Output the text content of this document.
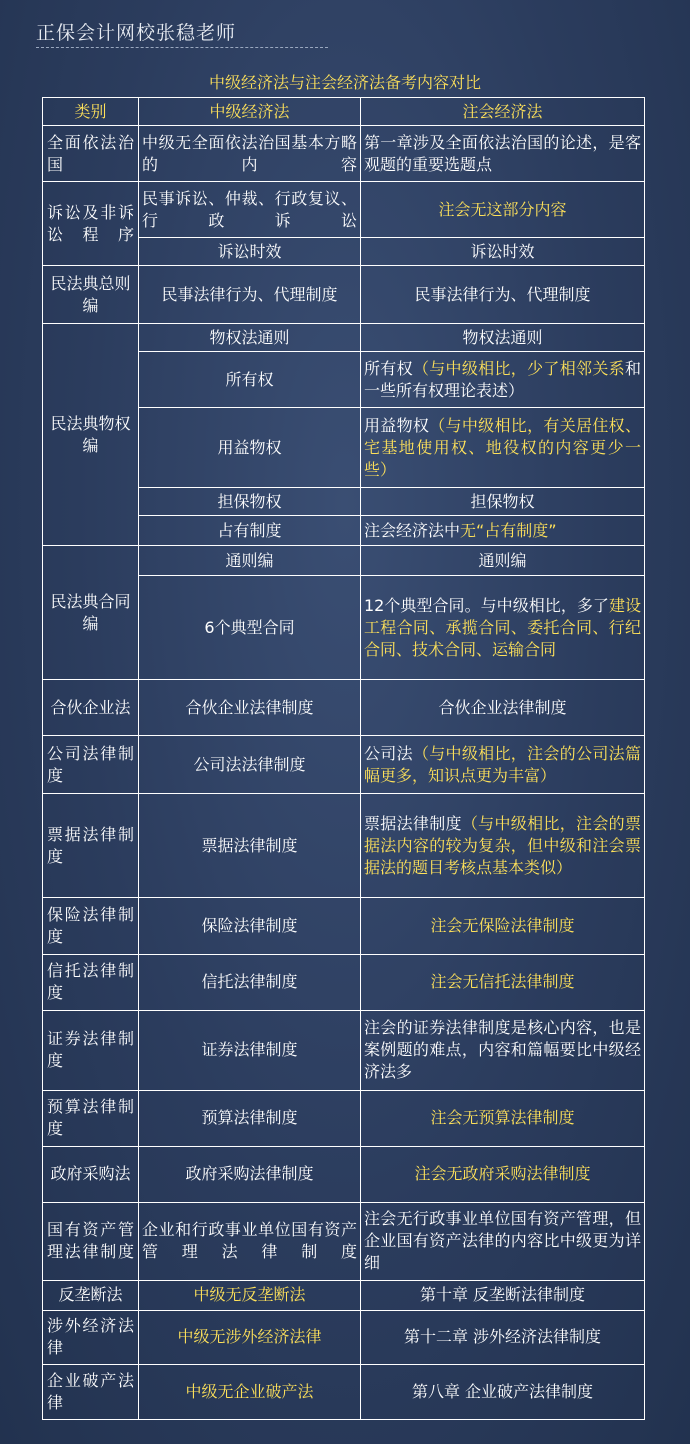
正保会计网校张稳老师
中级经济法与注会经济法备考内容对比
类别	中级经济法	注会经济法
全面依法治国	中级无全面依法治国基本方略的内容	第一章涉及全面依法治国的论述，是客观题的重要选题点
诉讼及非诉讼程序	民事诉讼、仲裁、行政复议、行政诉讼	注会无这部分内容
	诉讼时效	诉讼时效
民法典总则编	民事法律行为、代理制度	民事法律行为、代理制度
民法典物权编	物权法通则	物权法通则
	所有权	所有权（与中级相比，少了相邻关系和一些所有权理论表述）
	用益物权	用益物权（与中级相比，有关居住权、宅基地使用权、地役权的内容更少一些）
	担保物权	担保物权
	占有制度	注会经济法中无“占有制度”
民法典合同编	通则编	通则编
	6个典型合同	12个典型合同。与中级相比，多了建设工程合同、承揽合同、委托合同、行纪合同、技术合同、运输合同
合伙企业法	合伙企业法律制度	合伙企业法律制度
公司法律制度	公司法法律制度	公司法（与中级相比，注会的公司法篇幅更多，知识点更为丰富）
票据法律制度	票据法律制度	票据法律制度（与中级相比，注会的票据法内容的较为复杂，但中级和注会票据法的题目考核点基本类似）
保险法律制度	保险法律制度	注会无保险法律制度
信托法律制度	信托法律制度	注会无信托法律制度
证券法律制度	证券法律制度	注会的证券法律制度是核心内容，也是案例题的难点，内容和篇幅要比中级经济法多
预算法律制度	预算法律制度	注会无预算法律制度
政府采购法	政府采购法律制度	注会无政府采购法律制度
国有资产管理法律制度	企业和行政事业单位国有资产管理法律制度	注会无行政事业单位国有资产管理，但企业国有资产法律的内容比中级更为详细
反垄断法	中级无反垄断法	第十章 反垄断法律制度
涉外经济法律	中级无涉外经济法律	第十二章 涉外经济法律制度
企业破产法律	中级无企业破产法	第八章 企业破产法律制度
